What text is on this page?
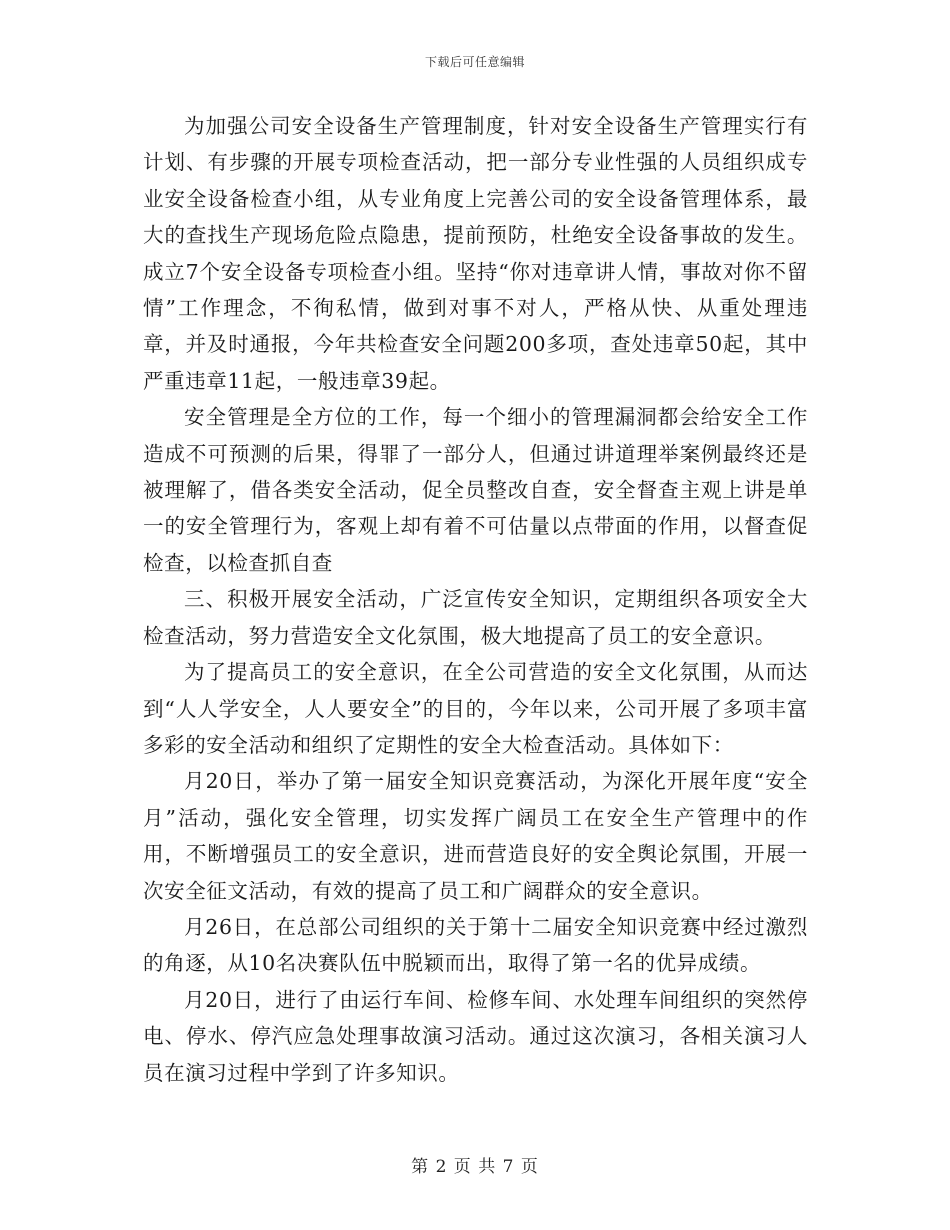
下载后可任意编辑

为加强公司安全设备生产管理制度，针对安全设备生产管理实行有计划、有步骤的开展专项检查活动，把一部分专业性强的人员组织成专业安全设备检查小组，从专业角度上完善公司的安全设备管理体系，最大的查找生产现场危险点隐患，提前预防，杜绝安全设备事故的发生。成立7个安全设备专项检查小组。坚持“你对违章讲人情，事故对你不留情”工作理念，不徇私情，做到对事不对人，严格从快、从重处理违章，并及时通报，今年共检查安全问题200多项，查处违章50起，其中严重违章11起，一般违章39起。

安全管理是全方位的工作，每一个细小的管理漏洞都会给安全工作造成不可预测的后果，得罪了一部分人，但通过讲道理举案例最终还是被理解了，借各类安全活动，促全员整改自查，安全督查主观上讲是单一的安全管理行为，客观上却有着不可估量以点带面的作用，以督查促检查，以检查抓自查

三、积极开展安全活动，广泛宣传安全知识，定期组织各项安全大检查活动，努力营造安全文化氛围，极大地提高了员工的安全意识。

为了提高员工的安全意识，在全公司营造的安全文化氛围，从而达到“人人学安全，人人要安全”的目的，今年以来，公司开展了多项丰富多彩的安全活动和组织了定期性的安全大检查活动。具体如下：

月20日，举办了第一届安全知识竞赛活动，为深化开展年度“安全月”活动，强化安全管理，切实发挥广阔员工在安全生产管理中的作用，不断增强员工的安全意识，进而营造良好的安全舆论氛围，开展一次安全征文活动，有效的提高了员工和广阔群众的安全意识。

月26日，在总部公司组织的关于第十二届安全知识竞赛中经过激烈的角逐，从10名决赛队伍中脱颖而出，取得了第一名的优异成绩。

月20日，进行了由运行车间、检修车间、水处理车间组织的突然停电、停水、停汽应急处理事故演习活动。通过这次演习，各相关演习人员在演习过程中学到了许多知识。

第 2 页 共 7 页
